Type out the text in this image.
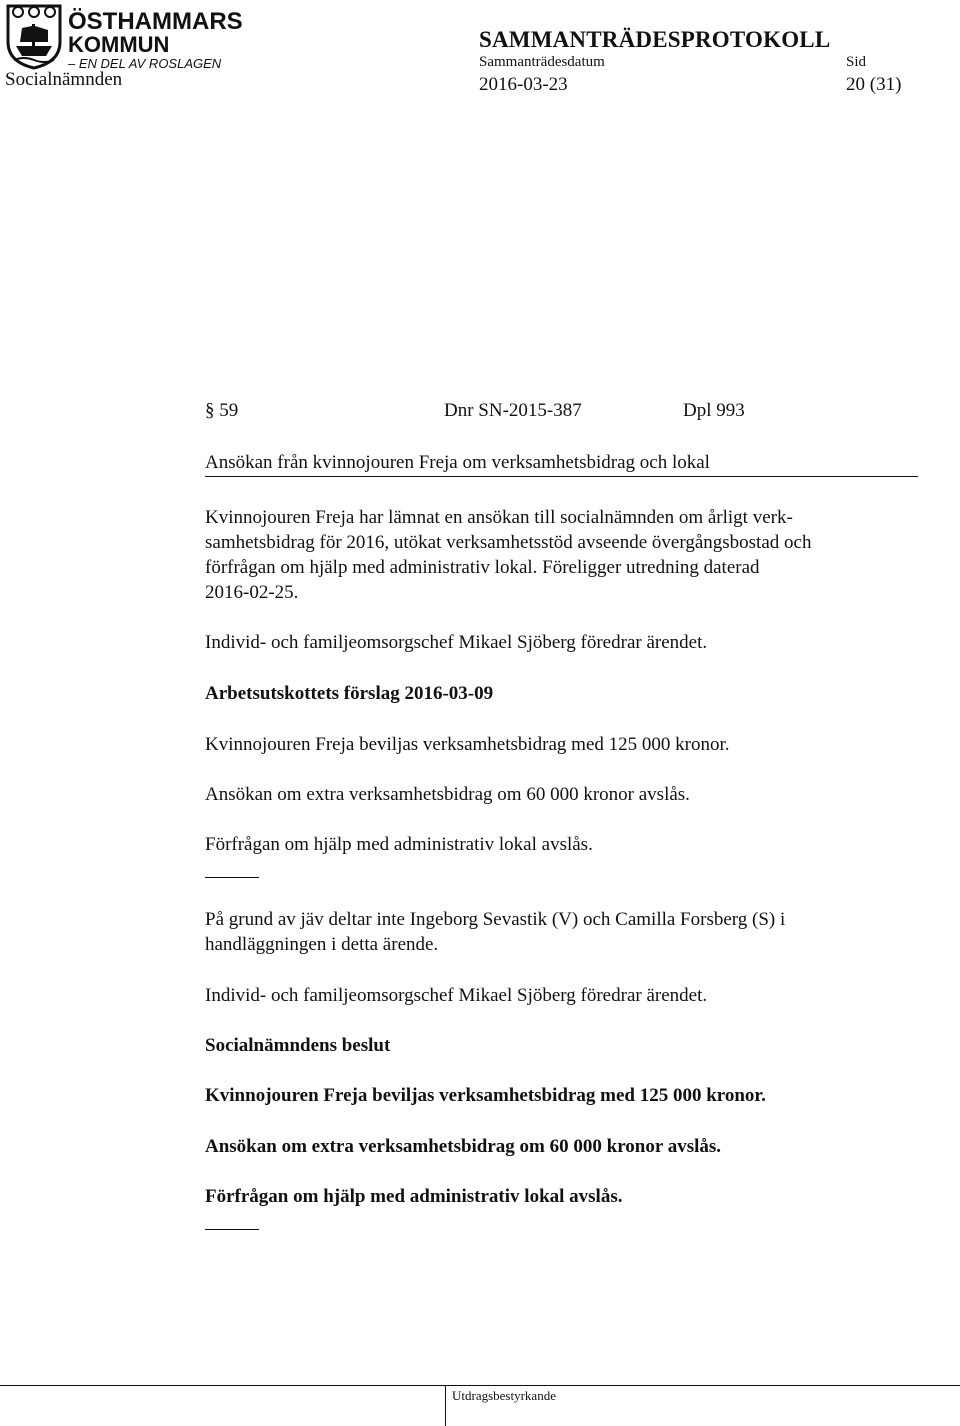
ÖSTHAMMARS
KOMMUN
– EN DEL AV ROSLAGEN
SAMMANTRÄDESPROTOKOLL
Sammanträdesdatum	Sid
Socialnämnden	2016-03-23	20 (31)
§ 59	Dnr SN-2015-387	Dpl 993
Ansökan från kvinnojouren Freja om verksamhetsbidrag och lokal
Kvinnojouren Freja har lämnat en ansökan till socialnämnden om årligt verk-
samhetsbidrag för 2016, utökat verksamhetsstöd avseende övergångsbostad och
förfrågan om hjälp med administrativ lokal. Föreligger utredning daterad
2016-02-25.
Individ- och familjeomsorgschef Mikael Sjöberg föredrar ärendet.
Arbetsutskottets förslag 2016-03-09
Kvinnojouren Freja beviljas verksamhetsbidrag med 125 000 kronor.
Ansökan om extra verksamhetsbidrag om 60 000 kronor avslås.
Förfrågan om hjälp med administrativ lokal avslås.
På grund av jäv deltar inte Ingeborg Sevastik (V) och Camilla Forsberg (S) i
handläggningen i detta ärende.
Individ- och familjeomsorgschef Mikael Sjöberg föredrar ärendet.
Socialnämndens beslut
Kvinnojouren Freja beviljas verksamhetsbidrag med 125 000 kronor.
Ansökan om extra verksamhetsbidrag om 60 000 kronor avslås.
Förfrågan om hjälp med administrativ lokal avslås.
Utdragsbestyrkande
